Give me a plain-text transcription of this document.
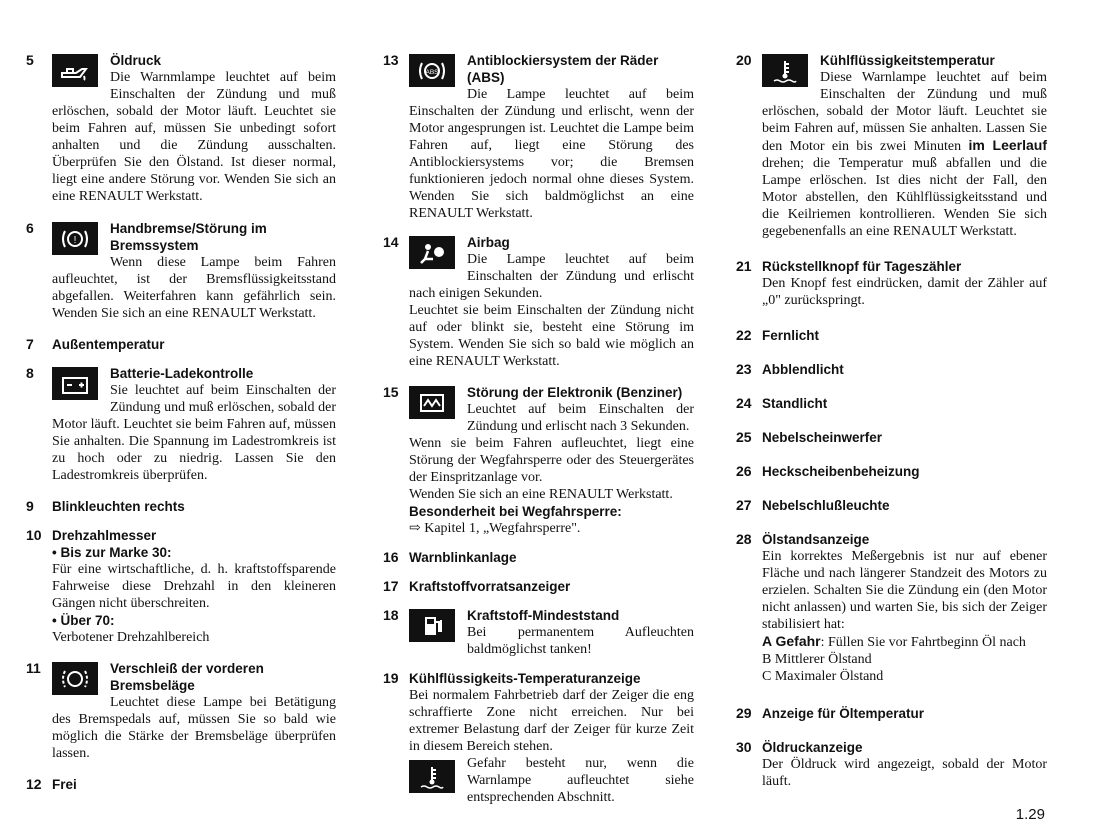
5	Öldruck
Die Warnmlampe leuchtet auf beim Einschalten der Zündung und muß erlöschen, sobald der Motor läuft. Leuchtet sie beim Fahren auf, müssen Sie unbedingt sofort anhalten und die Zündung ausschalten. Überprüfen Sie den Ölstand. Ist dieser normal, liegt eine andere Störung vor. Wenden Sie sich an eine RENAULT Werkstatt.
6
!
Handbremse/Störung im Bremssystem
Wenn diese Lampe beim Fahren aufleuchtet, ist der Bremsflüssigkeitsstand abgefallen. Weiterfahren kann gefährlich sein. Wenden Sie sich an eine RENAULT Werkstatt.
7 Außentemperatur
8	Batterie-Ladekontrolle
Sie leuchtet auf beim Einschalten der Zündung und muß erlöschen, sobald der Motor läuft. Leuchtet sie beim Fahren auf, müssen Sie anhalten. Die Spannung im Ladestromkreis ist zu hoch oder zu niedrig. Lassen Sie den Ladestromkreis überprüfen.
9 Blinkleuchten rechts
10 Drehzahlmesser
• Bis zur Marke 30:
Für eine wirtschaftliche, d. h. kraftstoffsparende Fahrweise diese Drehzahl in den kleineren Gängen nicht überschreiten.
• Über 70:
Verbotener Drehzahlbereich
11	Verschleiß der vorderen Bremsbeläge
Leuchtet diese Lampe bei Betätigung des Bremspedals auf, müssen Sie so bald wie möglich die Stärke der Bremsbeläge überprüfen lassen.
12 Frei
13
ABS
Antiblockiersystem der Räder (ABS)
Die Lampe leuchtet auf beim Einschalten der Zündung und erlischt, wenn der Motor angesprungen ist. Leuchtet die Lampe beim Fahren auf, liegt eine Störung des Antiblockiersystems vor; die Bremsen funktionieren jedoch normal ohne dieses System. Wenden Sie sich baldmöglichst an eine RENAULT Werkstatt.
14	Airbag
Die Lampe leuchtet auf beim Einschalten der Zündung und erlischt nach einigen Sekunden.
Leuchtet sie beim Einschalten der Zündung nicht auf oder blinkt sie, besteht eine Störung im System. Wenden Sie sich so bald wie möglich an eine RENAULT Werkstatt.
15	Störung der Elektronik (Benziner)
Leuchtet auf beim Einschalten der Zündung und erlischt nach 3 Sekunden.
Wenn sie beim Fahren aufleuchtet, liegt eine Störung der Wegfahrsperre oder des Steuergerätes der Einspritzanlage vor.
Wenden Sie sich an eine RENAULT Werkstatt.
Besonderheit bei Wegfahrsperre:
⇨ Kapitel 1, „Wegfahrsperre".
16 Warnblinkanlage
17 Kraftstoffvorratsanzeiger
18	Kraftstoff-Mindeststand
Bei permanentem Aufleuchten baldmöglichst tanken!
19 Kühlflüssigkeits-Temperaturanzeige
Bei normalem Fahrbetrieb darf der Zeiger die eng schraffierte Zone nicht erreichen. Nur bei extremer Belastung darf der Zeiger für kurze Zeit in diesem Bereich stehen.
Gefahr besteht nur, wenn die Warnlampe aufleuchtet siehe entsprechenden Abschnitt.
20	Kühlflüssigkeitstemperatur
Diese Warnlampe leuchtet auf beim Einschalten der Zündung und muß erlöschen, sobald der Motor läuft. Leuchtet sie beim Fahren auf, müssen Sie anhalten. Lassen Sie den Motor ein bis zwei Minuten im Leerlauf drehen; die Temperatur muß abfallen und die Lampe erlöschen. Ist dies nicht der Fall, den Motor abstellen, den Kühlflüssigkeitsstand und die Keilriemen kontrollieren. Wenden Sie sich gegebenenfalls an eine RENAULT Werkstatt.
21 Rückstellknopf für Tageszähler
Den Knopf fest eindrücken, damit der Zähler auf „0" zurückspringt.
22 Fernlicht
23 Abblendlicht
24 Standlicht
25 Nebelscheinwerfer
26 Heckscheibenbeheizung
27 Nebelschlußleuchte
28 Ölstandsanzeige
Ein korrektes Meßergebnis ist nur auf ebener Fläche und nach längerer Standzeit des Motors zu erzielen. Schalten Sie die Zündung ein (den Motor nicht anlassen) und warten Sie, bis sich der Zeiger stabilisiert hat:
A Gefahr: Füllen Sie vor Fahrtbeginn Öl nach
B Mittlerer Ölstand
C Maximaler Ölstand
29 Anzeige für Öltemperatur
30 Öldruckanzeige
Der Öldruck wird angezeigt, sobald der Motor läuft.
1.29
